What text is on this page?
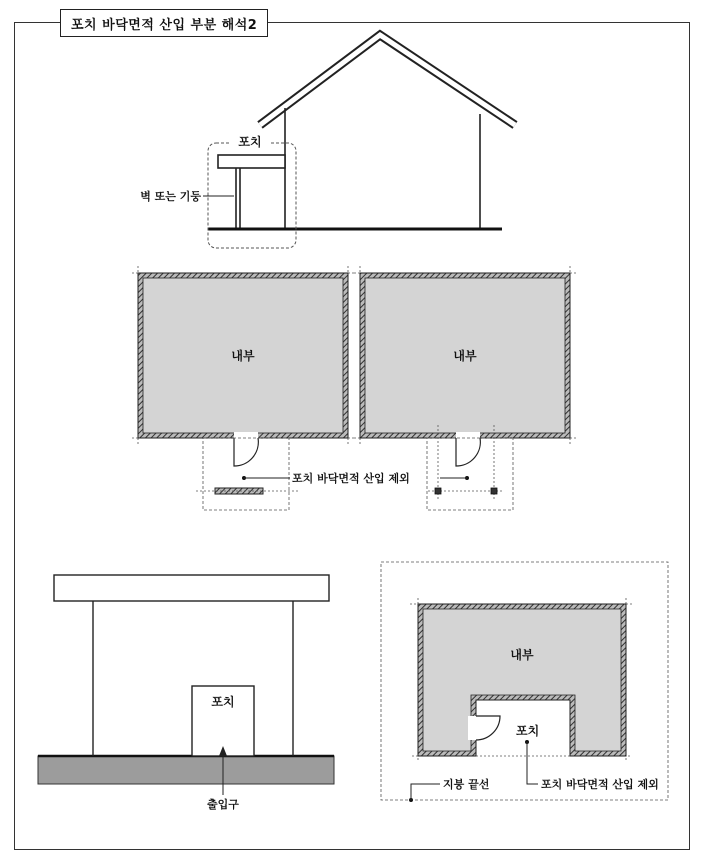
포치 바닥면적 산입 부분 해석2
포치
벽 또는 기둥
내부	내부
포치 바닥면적 산입 제외
포치
출입구
내부
포치
포치 바닥면적 산입 제외
지붕 끝선
